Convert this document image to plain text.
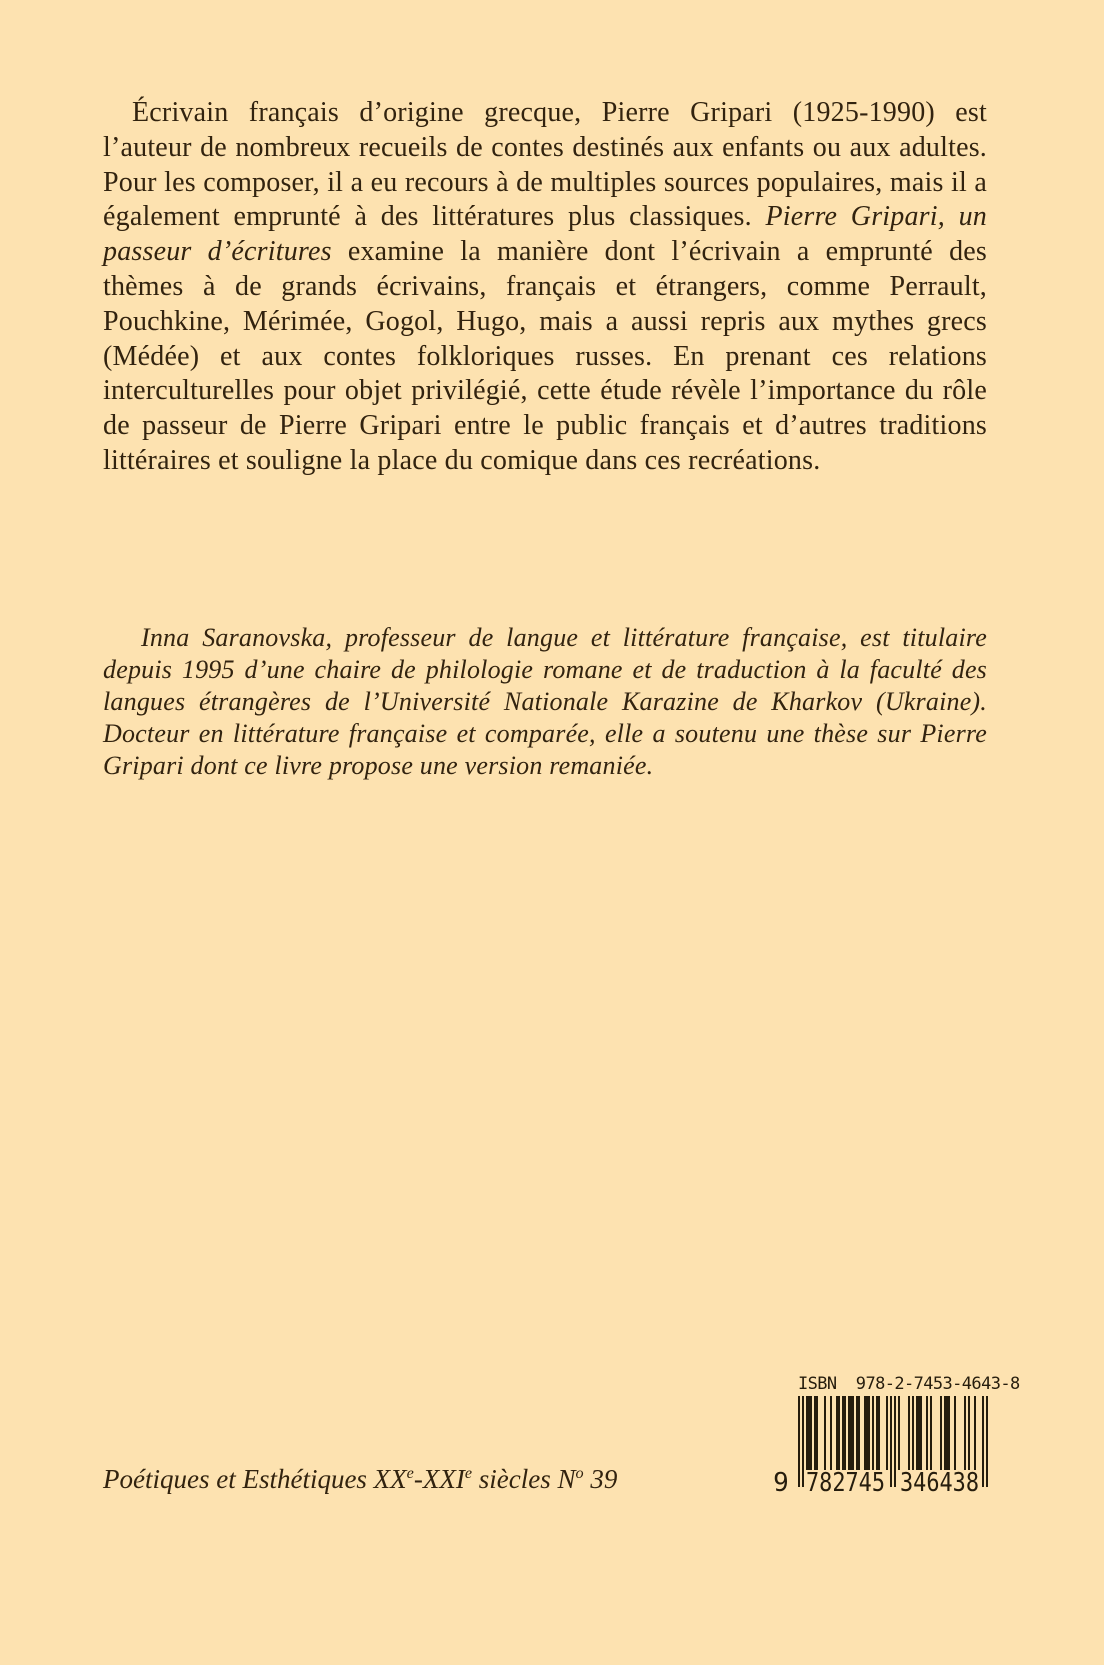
Écrivain français d’origine grecque, Pierre Gripari (1925-1990) est l’auteur de nombreux recueils de contes destinés aux enfants ou aux adultes. Pour les composer, il a eu recours à de multiples sources populaires, mais il a également emprunté à des littératures plus classiques. Pierre Gripari, un passeur d’écritures examine la manière dont l’écrivain a emprunté des thèmes à de grands écrivains, français et étrangers, comme Perrault, Pouchkine, Mérimée, Gogol, Hugo, mais a aussi repris aux mythes grecs (Médée) et aux contes folkloriques russes. En prenant ces relations interculturelles pour objet privilégié, cette étude révèle l’importance du rôle de passeur de Pierre Gripari entre le public français et d’autres traditions littéraires et souligne la place du comique dans ces recréations.

Inna Saranovska, professeur de langue et littérature française, est titulaire depuis 1995 d’une chaire de philologie romane et de traduction à la faculté des langues étrangères de l’Université Nationale Karazine de Kharkov (Ukraine). Docteur en littérature française et comparée, elle a soutenu une thèse sur Pierre Gripari dont ce livre propose une version remaniée.

Poétiques et Esthétiques XXe-XXIe siècles $N^o$ 39
ISBN  978-2-7453-4643-8
9 782745 346438
